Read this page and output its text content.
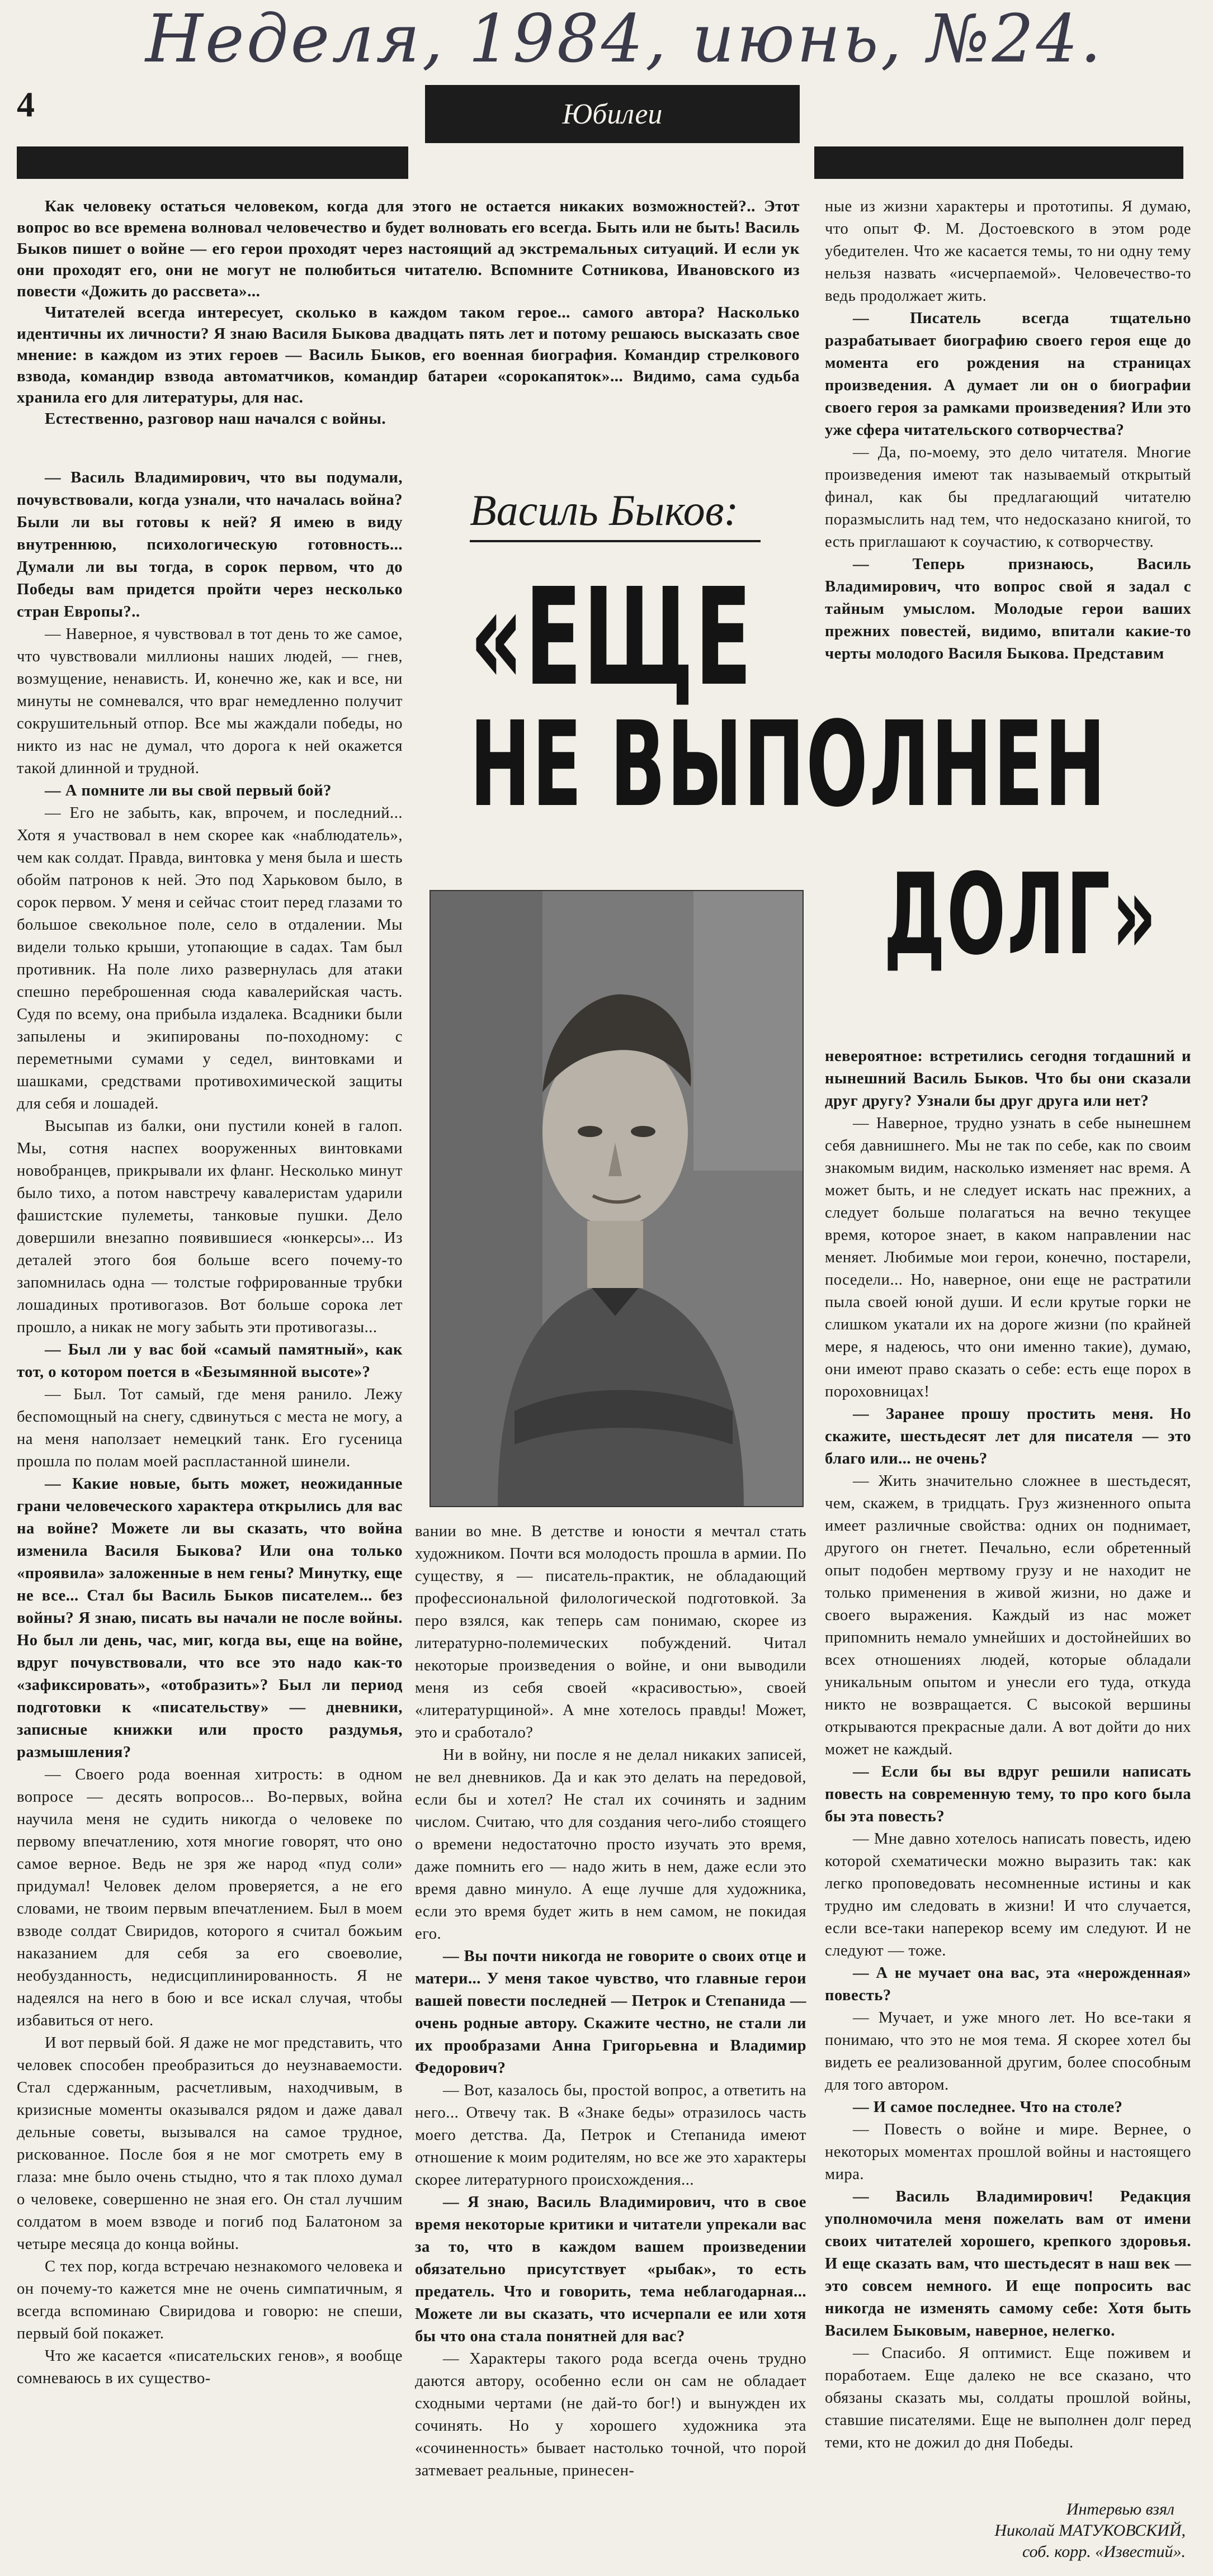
Неделя, 1984, июнь, №24.
4	Юбилеи

Как человеку остаться человеком, когда для этого не остается никаких возможностей?.. Этот вопрос во все времена волновал человечество и будет волновать его всегда. Быть или не быть! Василь Быков пишет о войне — его герои проходят через настоящий ад экстремальных ситуаций. И если ук они проходят его, они не могут не полюбиться читателю. Вспомните Сотникова, Ивановского из повести «Дожить до рассвета»...

Читателей всегда интересует, сколько в каждом таком герое... самого автора? Насколько идентичны их личности? Я знаю Василя Быкова двадцать пять лет и потому решаюсь высказать свое мнение: в каждом из этих героев — Василь Быков, его военная биография. Командир стрелкового взвода, командир взвода автоматчиков, командир батареи «сорокапяток»... Видимо, сама судьба хранила его для литературы, для нас.

Естественно, разговор наш начался с войны.

Василь Быков:
«ЕЩЕ
НЕ ВЫПОЛНЕН
ДОЛГ»

— Василь Владимирович, что вы подумали, почувствовали, когда узнали, что началась война? Были ли вы готовы к ней? Я имею в виду внутреннюю, психологическую готовность... Думали ли вы тогда, в сорок первом, что до Победы вам придется пройти через несколько стран Европы?..

— Наверное, я чувствовал в тот день то же самое, что чувствовали миллионы наших людей, — гнев, возмущение, ненависть. И, конечно же, как и все, ни минуты не сомневался, что враг немедленно получит сокрушительный отпор. Все мы жаждали победы, но никто из нас не думал, что дорога к ней окажется такой длинной и трудной.

— А помните ли вы свой первый бой?

— Его не забыть, как, впрочем, и последний... Хотя я участвовал в нем скорее как «наблюдатель», чем как солдат. Правда, винтовка у меня была и шесть обойм патронов к ней. Это под Харьковом было, в сорок первом. У меня и сейчас стоит перед глазами то большое свекольное поле, село в отдалении. Мы видели только крыши, утопающие в садах. Там был противник. На поле лихо развернулась для атаки спешно переброшенная сюда кавалерийская часть. Судя по всему, она прибыла издалека. Всадники были запылены и экипированы по-походному: с переметными сумами у седел, винтовками и шашками, средствами противохимической защиты для себя и лошадей.

Высыпав из балки, они пустили коней в галоп. Мы, сотня наспех вооруженных винтовками новобранцев, прикрывали их фланг. Несколько минут было тихо, а потом навстречу кавалеристам ударили фашистские пулеметы, танковые пушки. Дело довершили внезапно появившиеся «юнкерсы»... Из деталей этого боя больше всего почему-то запомнилась одна — толстые гофрированные трубки лошадиных противогазов. Вот больше сорока лет прошло, а никак не могу забыть эти противогазы...

— Был ли у вас бой «самый памятный», как тот, о котором поется в «Безымянной высоте»?

— Был. Тот самый, где меня ранило. Лежу беспомощный на снегу, сдвинуться с места не могу, а на меня наползает немецкий танк. Его гусеница прошла по полам моей распластанной шинели.

— Какие новые, быть может, неожиданные грани человеческого характера открылись для вас на войне? Можете ли вы сказать, что война изменила Василя Быкова? Или она только «проявила» заложенные в нем гены? Минутку, еще не все... Стал бы Василь Быков писателем... без войны? Я знаю, писать вы начали не после войны. Но был ли день, час, миг, когда вы, еще на войне, вдруг почувствовали, что все это надо как-то «зафиксировать», «отобразить»? Был ли период подготовки к «писательству» — дневники, записные книжки или просто раздумья, размышления?

— Своего рода военная хитрость: в одном вопросе — десять вопросов... Во-первых, война научила меня не судить никогда о человеке по первому впечатлению, хотя многие говорят, что оно самое верное. Ведь не зря же народ «пуд соли» придумал! Человек делом проверяется, а не его словами, не твоим первым впечатлением. Был в моем взводе солдат Свиридов, которого я считал божьим наказанием для себя за его своеволие, необузданность, недисциплинированность. Я не надеялся на него в бою и все искал случая, чтобы избавиться от него.

И вот первый бой. Я даже не мог представить, что человек способен преобразиться до неузнаваемости. Стал сдержанным, расчетливым, находчивым, в кризисные моменты оказывался рядом и даже давал дельные советы, вызывался на самое трудное, рискованное. После боя я не мог смотреть ему в глаза: мне было очень стыдно, что я так плохо думал о человеке, совершенно не зная его. Он стал лучшим солдатом в моем взводе и погиб под Балатоном за четыре месяца до конца войны.

С тех пор, когда встречаю незнакомого человека и он почему-то кажется мне не очень симпатичным, я всегда вспоминаю Свиридова и говорю: не спеши, первый бой покажет.

Что же касается «писательских генов», я вообще сомневаюсь в их существо-

вании во мне. В детстве и юности я мечтал стать художником. Почти вся молодость прошла в армии. По существу, я — писатель-практик, не обладающий профессиональной филологической подготовкой. За перо взялся, как теперь сам понимаю, скорее из литературно-полемических побуждений. Читал некоторые произведения о войне, и они выводили меня из себя своей «красивостью», своей «литературщиной». А мне хотелось правды! Может, это и сработало?

Ни в войну, ни после я не делал никаких записей, не вел дневников. Да и как это делать на передовой, если бы и хотел? Не стал их сочинять и задним числом. Считаю, что для создания чего-либо стоящего о времени недостаточно просто изучать это время, даже помнить его — надо жить в нем, даже если это время давно минуло. А еще лучше для художника, если это время будет жить в нем самом, не покидая его.

— Вы почти никогда не говорите о своих отце и матери... У меня такое чувство, что главные герои вашей повести последней — Петрок и Степанида — очень родные автору. Скажите честно, не стали ли их прообразами Анна Григорьевна и Владимир Федорович?

— Вот, казалось бы, простой вопрос, а ответить на него... Отвечу так. В «Знаке беды» отразилось часть моего детства. Да, Петрок и Степанида имеют отношение к моим родителям, но все же это характеры скорее литературного происхождения...

— Я знаю, Василь Владимирович, что в свое время некоторые критики и читатели упрекали вас за то, что в каждом вашем произведении обязательно присутствует «рыбак», то есть предатель. Что и говорить, тема неблагодарная... Можете ли вы сказать, что исчерпали ее или хотя бы что она стала понятней для вас?

— Характеры такого рода всегда очень трудно даются автору, особенно если он сам не обладает сходными чертами (не дай-то бог!) и вынужден их сочинять. Но у хорошего художника эта «сочиненность» бывает настолько точной, что порой затмевает реальные, принесен-

ные из жизни характеры и прототипы. Я думаю, что опыт Ф. М. Достоевского в этом роде убедителен. Что же касается темы, то ни одну тему нельзя назвать «исчерпаемой». Человечество-то ведь продолжает жить.

— Писатель всегда тщательно разрабатывает биографию своего героя еще до момента его рождения на страницах произведения. А думает ли он о биографии своего героя за рамками произведения? Или это уже сфера читательского сотворчества?

— Да, по-моему, это дело читателя. Многие произведения имеют так называемый открытый финал, как бы предлагающий читателю поразмыслить над тем, что недосказано книгой, то есть приглашают к соучастию, к сотворчеству.

— Теперь признаюсь, Василь Владимирович, что вопрос свой я задал с тайным умыслом. Молодые герои ваших прежних повестей, видимо, впитали какие-то черты молодого Василя Быкова. Представим

невероятное: встретились сегодня тогдашний и нынешний Василь Быков. Что бы они сказали друг другу? Узнали бы друг друга или нет?

— Наверное, трудно узнать в себе нынешнем себя давнишнего. Мы не так по себе, как по своим знакомым видим, насколько изменяет нас время. А может быть, и не следует искать нас прежних, а следует больше полагаться на вечно текущее время, которое знает, в каком направлении нас меняет. Любимые мои герои, конечно, постарели, поседели... Но, наверное, они еще не растратили пыла своей юной души. И если крутые горки не слишком укатали их на дороге жизни (по крайней мере, я надеюсь, что они именно такие), думаю, они имеют право сказать о себе: есть еще порох в пороховницах!

— Заранее прошу простить меня. Но скажите, шестьдесят лет для писателя — это благо или... не очень?

— Жить значительно сложнее в шестьдесят, чем, скажем, в тридцать. Груз жизненного опыта имеет различные свойства: одних он поднимает, другого он гнетет. Печально, если обретенный опыт подобен мертвому грузу и не находит не только применения в живой жизни, но даже и своего выражения. Каждый из нас может припомнить немало умнейших и достойнейших во всех отношениях людей, которые обладали уникальным опытом и унесли его туда, откуда никто не возвращается. С высокой вершины открываются прекрасные дали. А вот дойти до них может не каждый.

— Если бы вы вдруг решили написать повесть на современную тему, то про кого была бы эта повесть?

— Мне давно хотелось написать повесть, идею которой схематически можно выразить так: как легко проповедовать несомненные истины и как трудно им следовать в жизни! И что случается, если все-таки наперекор всему им следуют. И не следуют — тоже.

— А не мучает она вас, эта «нерожденная» повесть?

— Мучает, и уже много лет. Но все-таки я понимаю, что это не моя тема. Я скорее хотел бы видеть ее реализованной другим, более способным для того автором.

— И самое последнее. Что на столе?

— Повесть о войне и мире. Вернее, о некоторых моментах прошлой войны и настоящего мира.

— Василь Владимирович! Редакция уполномочила меня пожелать вам от имени своих читателей хорошего, крепкого здоровья. И еще сказать вам, что шестьдесят в наш век — это совсем немного. И еще попросить вас никогда не изменять самому себе: Хотя быть Василем Быковым, наверное, нелегко.

— Спасибо. Я оптимист. Еще поживем и поработаем. Еще далеко не все сказано, что обязаны сказать мы, солдаты прошлой войны, ставшие писателями. Еще не выполнен долг перед теми, кто не дожил до дня Победы.

Интервью взял
Николай МАТУКОВСКИЙ,
соб. корр. «Известий».
